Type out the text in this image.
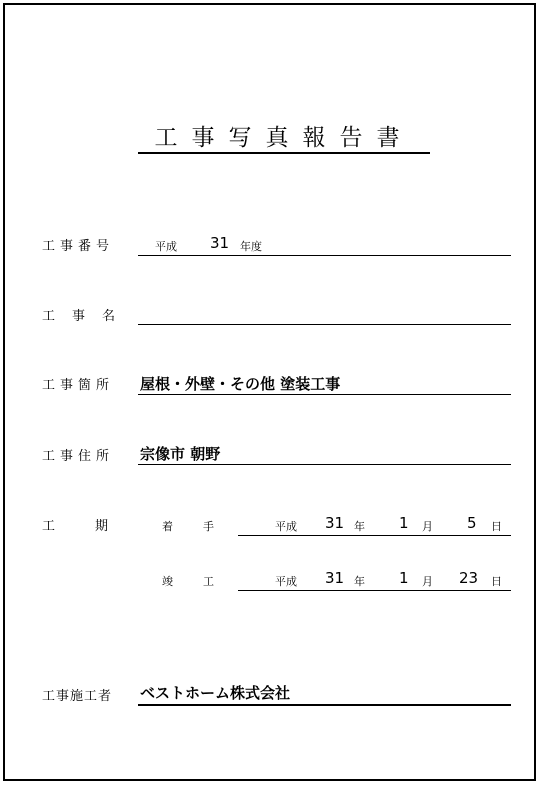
工事写真報告書
工事番号	平成 31 年度
工事名
工事箇所 屋根・外壁・その他 塗装工事
工事住所 宗像市 朝野
工期 着手	平成 31 年 1 月 5 日
竣工	平成 31 年 1 月 23 日
工事施工者 ベストホーム株式会社
